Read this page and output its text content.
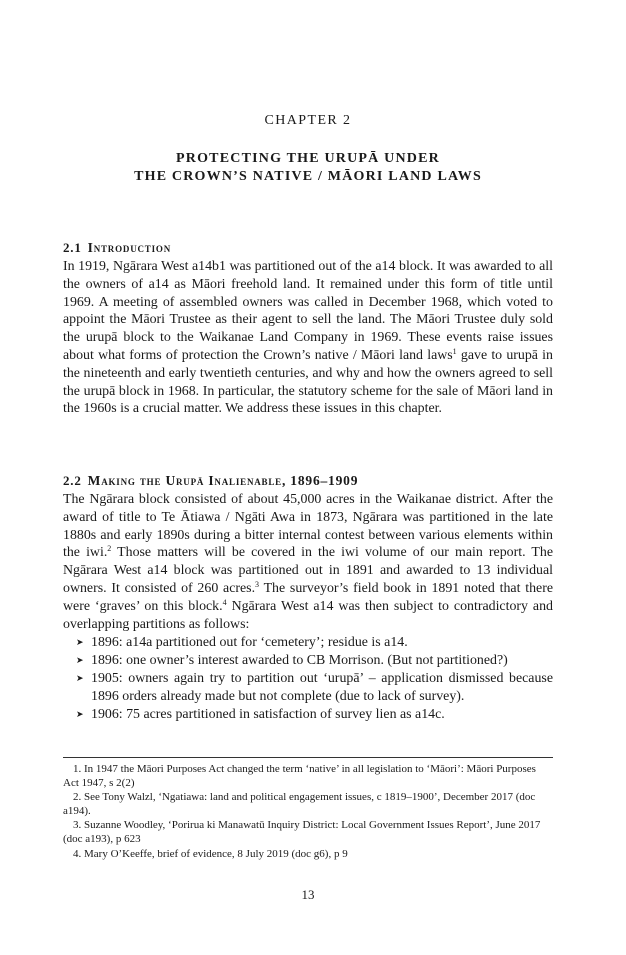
CHAPTER 2
PROTECTING THE URUPĀ UNDER
THE CROWN’S NATIVE / MĀORI LAND LAWS
2.1 Introduction

In 1919, Ngārara West a14b1 was partitioned out of the a14 block. It was awarded to all the owners of a14 as Māori freehold land. It remained under this form of title until 1969. A meeting of assembled owners was called in December 1968, which voted to appoint the Māori Trustee as their agent to sell the land. The Māori Trustee duly sold the urupā block to the Waikanae Land Company in 1969. These events raise issues about what forms of protection the Crown’s native / Māori land laws$^1$ gave to urupā in the nineteenth and early twentieth centuries, and why and how the owners agreed to sell the urupā block in 1968. In particular, the statutory scheme for the sale of Māori land in the 1960s is a crucial matter. We address these issues in this chapter.

2.2 Making the Urupā Inalienable, 1896–1909

The Ngārara block consisted of about 45,000 acres in the Waikanae district. After the award of title to Te Ātiawa / Ngāti Awa in 1873, Ngārara was partitioned in the late 1880s and early 1890s during a bitter internal contest between various elements within the iwi.$^2$ Those matters will be covered in the iwi volume of our main report. The Ngārara West a14 block was partitioned out in 1891 and awarded to 13 individual owners. It consisted of 260 acres.$^3$ The surveyor’s field book in 1891 noted that there were ‘graves’ on this block.$^4$ Ngārara West a14 was then subject to contradictory and overlapping partitions as follows:

➤ 1896: a14a partitioned out for ‘cemetery’; residue is a14.
➤ 1896: one owner’s interest awarded to CB Morrison. (But not partitioned?)
➤ 1905: owners again try to partition out ‘urupā’ – application dismissed because 1896 orders already made but not complete (due to lack of survey).
➤ 1906: 75 acres partitioned in satisfaction of survey lien as a14c.

1. In 1947 the Māori Purposes Act changed the term ‘native’ in all legislation to ‘Māori’: Māori Purposes Act 1947, s 2(2)

2. See Tony Walzl, ‘Ngatiawa: land and political engagement issues, c 1819–1900’, December 2017 (doc a194).

3. Suzanne Woodley, ‘Porirua ki Manawatū Inquiry District: Local Government Issues Report’, June 2017 (doc a193), p 623

4. Mary O’Keeffe, brief of evidence, 8 July 2019 (doc g6), p 9

13
